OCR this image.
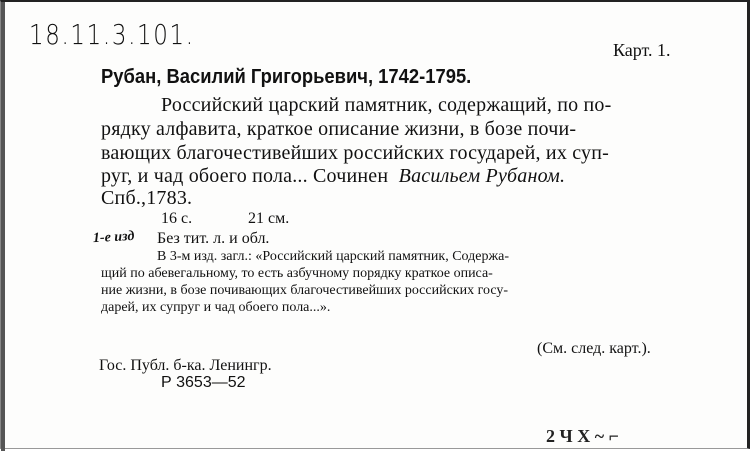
18.11.3.101.	Карт. 1.
Рубан, Василий Григорьевич, 1742-1795.
Российский царский памятник, содержащий, по по-
рядку алфавита, краткое описание жизни, в бозе почи-
вающих благочестивейших российских государей, их суп-
руг, и чад обоего пола... Сочинен Васильем Рубаном.
Спб.,1783.
16 с.	21 см.
1-е изд Без тит. л. и обл.
В 3-м изд. загл.: «Российский царский памятник, Содержа-
щий по абевегальному, то есть азбучному порядку краткое описа-
ние жизни, в бозе почивающих благочестивейших российских госу-
дарей, их супруг и чад обоего пола...».
(См. след. карт.).
Гос. Публ. б-ка. Ленингр.
Р 3653—52
2 Ч Х ~ ⌐
